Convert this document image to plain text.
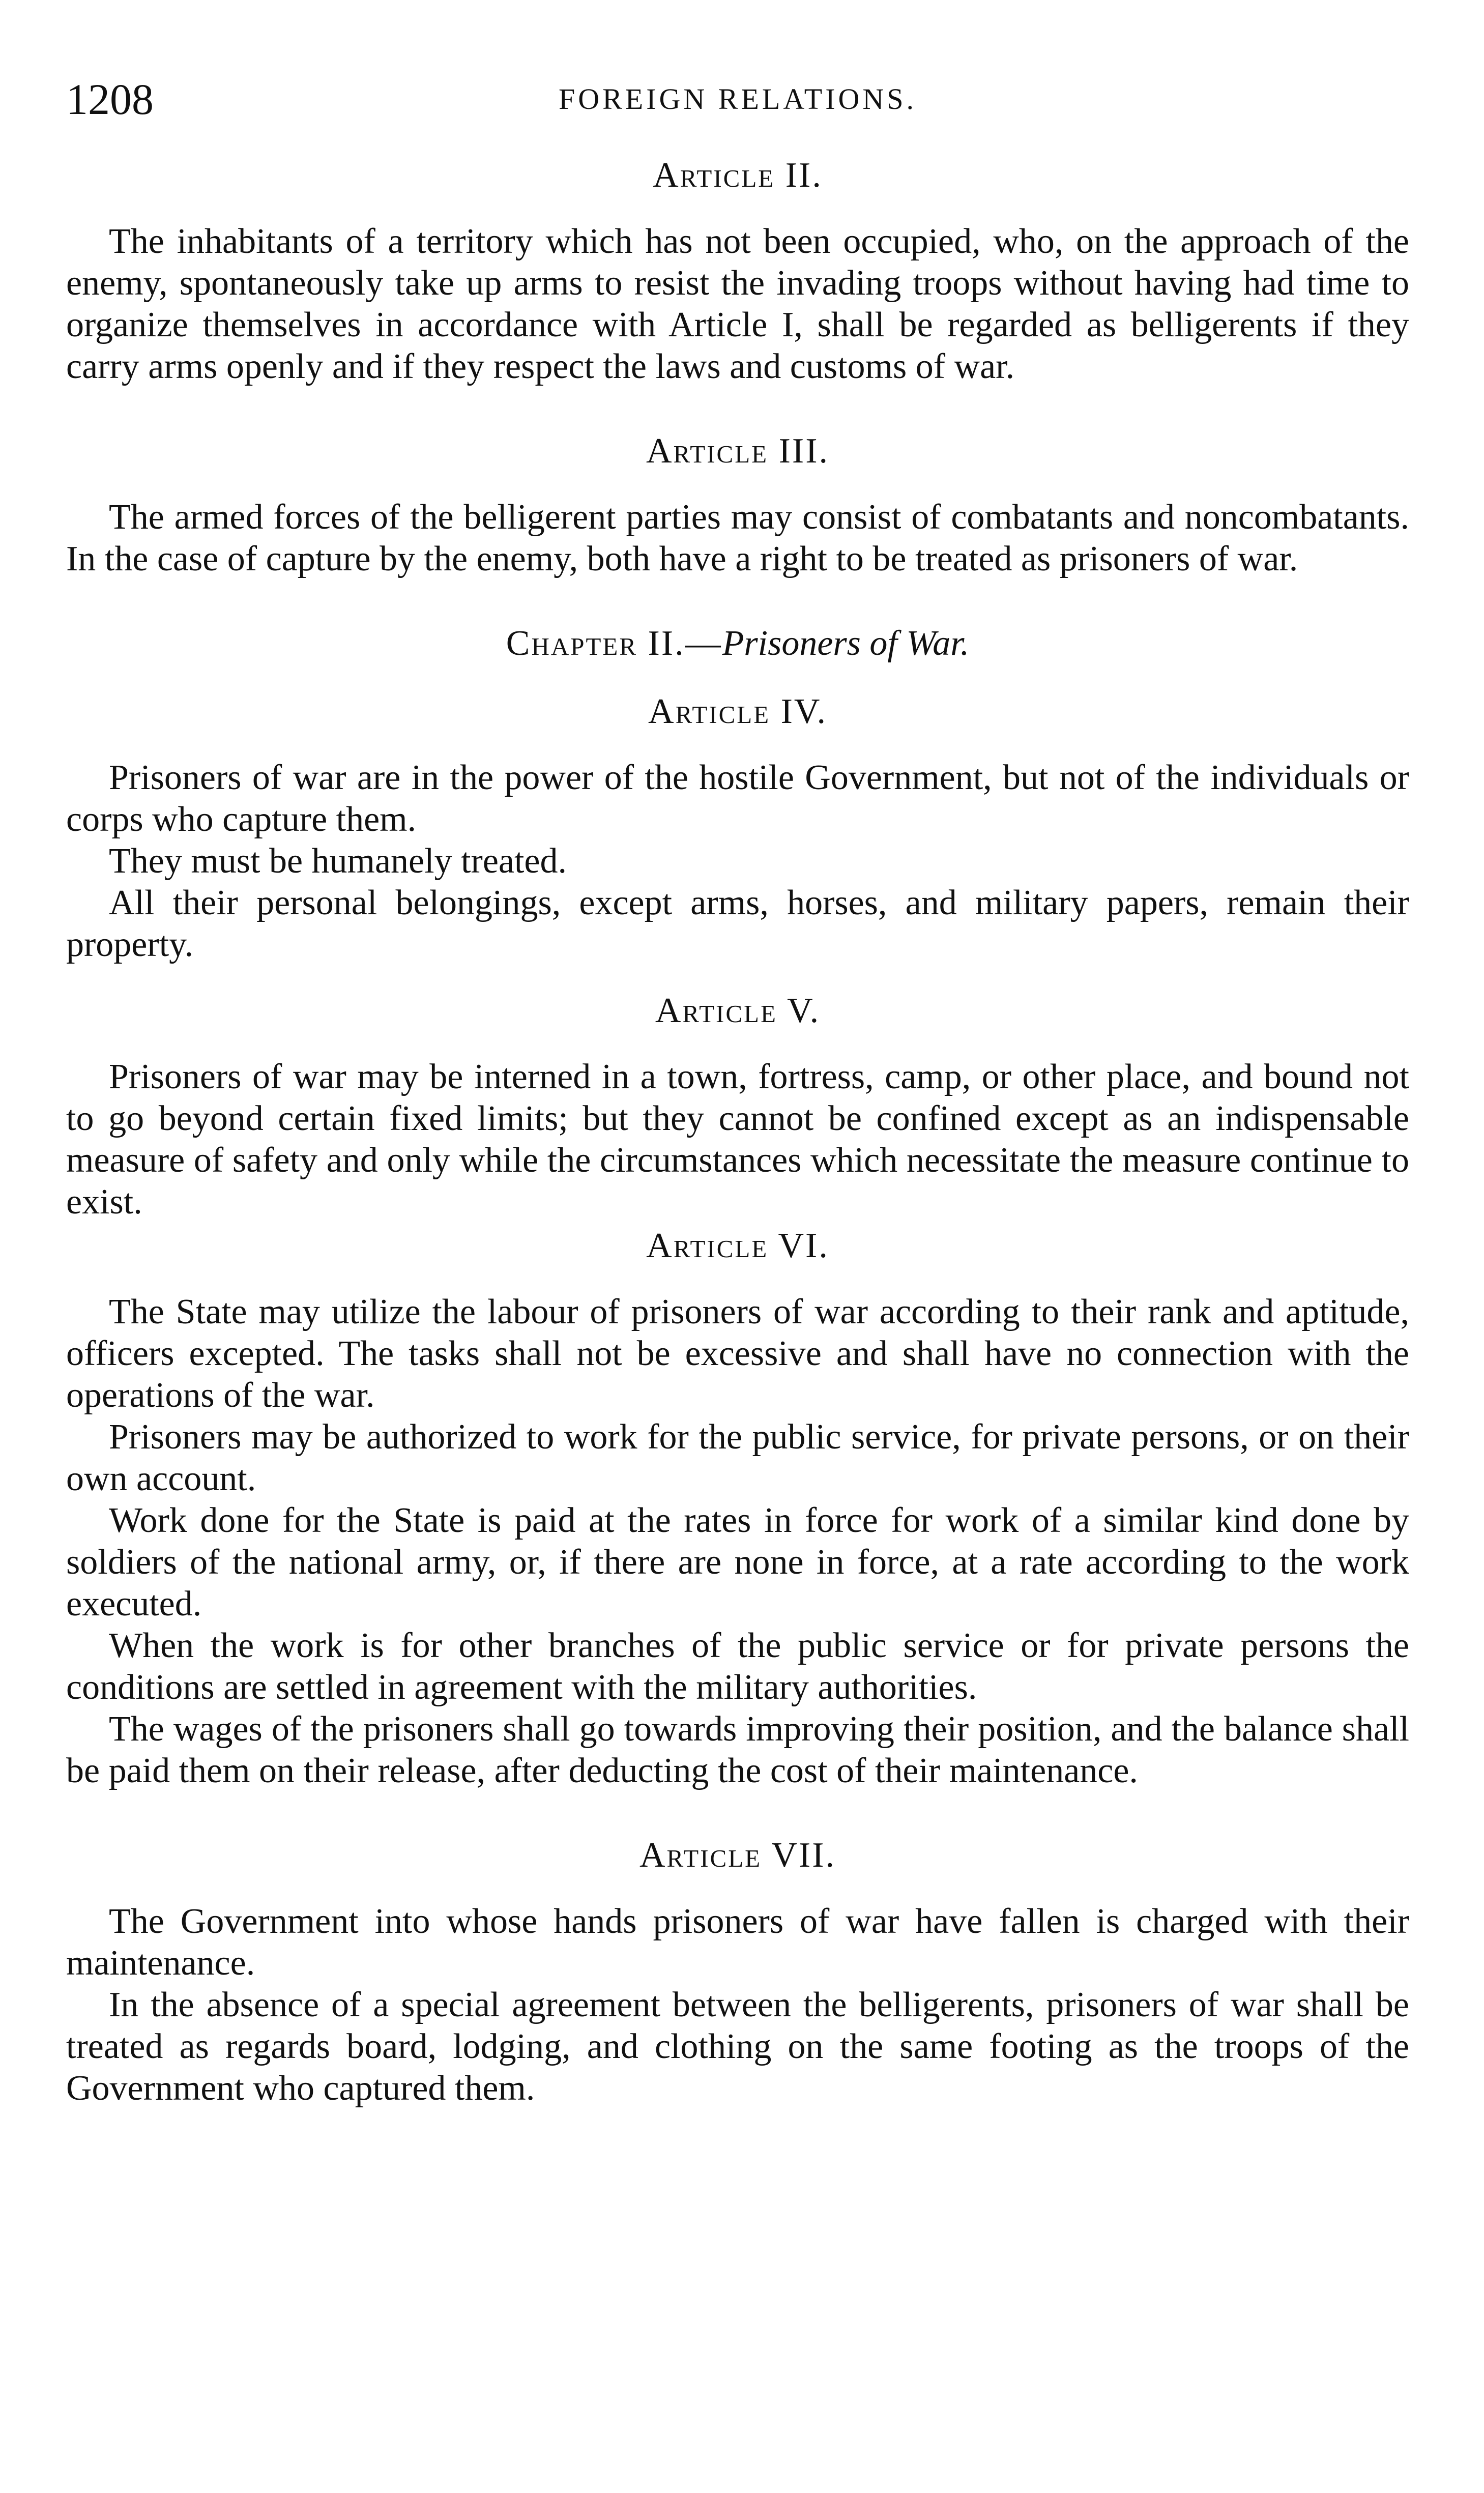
1208	FOREIGN RELATIONS.
Article II.

The inhabitants of a territory which has not been occupied, who, on the approach of the enemy, spontaneously take up arms to resist the invading troops without having had time to organize themselves in accordance with Article I, shall be regarded as belligerents if they carry arms openly and if they respect the laws and customs of war.

Article III.

The armed forces of the belligerent parties may consist of combatants and noncombatants. In the case of capture by the enemy, both have a right to be treated as prisoners of war.

Chapter II.—Prisoners of War.
Article IV.

Prisoners of war are in the power of the hostile Government, but not of the individuals or corps who capture them.

They must be humanely treated.

All their personal belongings, except arms, horses, and military papers, remain their property.

Article V.

Prisoners of war may be interned in a town, fortress, camp, or other place, and bound not to go beyond certain fixed limits; but they cannot be confined except as an indispensable measure of safety and only while the circumstances which necessitate the measure continue to exist.

Article VI.

The State may utilize the labour of prisoners of war according to their rank and aptitude, officers excepted. The tasks shall not be excessive and shall have no connection with the operations of the war.

Prisoners may be authorized to work for the public service, for private persons, or on their own account.

Work done for the State is paid at the rates in force for work of a similar kind done by soldiers of the national army, or, if there are none in force, at a rate according to the work executed.

When the work is for other branches of the public service or for private persons the conditions are settled in agreement with the military authorities.

The wages of the prisoners shall go towards improving their position, and the balance shall be paid them on their release, after deducting the cost of their maintenance.

Article VII.

The Government into whose hands prisoners of war have fallen is charged with their maintenance.

In the absence of a special agreement between the belligerents, prisoners of war shall be treated as regards board, lodging, and clothing on the same footing as the troops of the Government who captured them.
